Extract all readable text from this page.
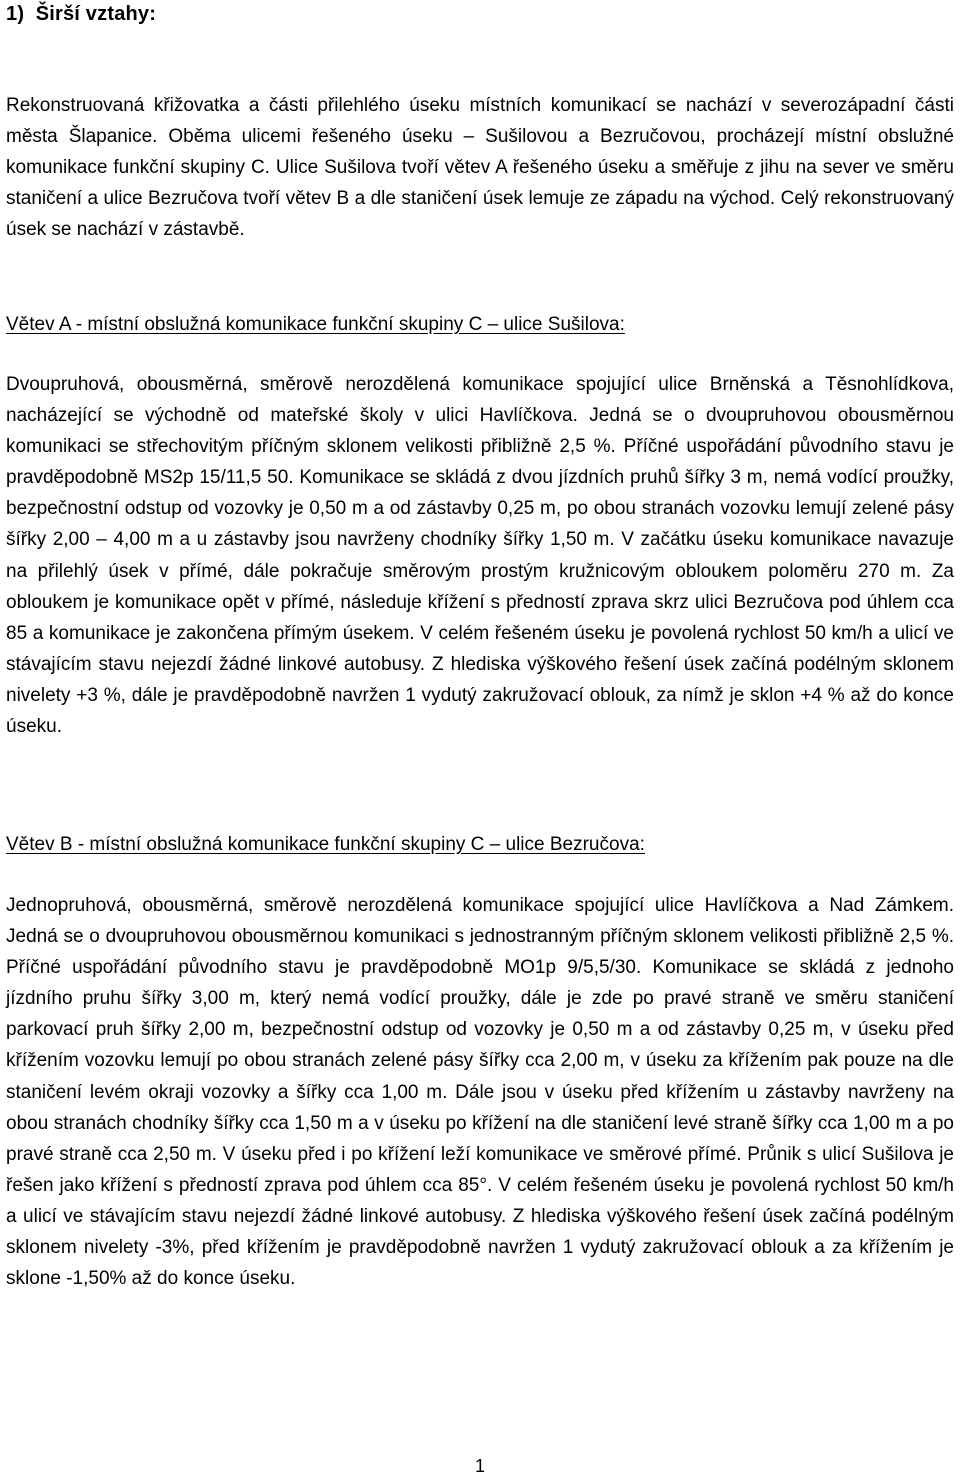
1)  Širší vztahy:

Rekonstruovaná křižovatka a části přilehlého úseku místních komunikací se nachází v severozápadní části města Šlapanice. Oběma ulicemi řešeného úseku – Sušilovou a Bezručovou, procházejí místní obslužné komunikace funkční skupiny C. Ulice Sušilova tvoří větev A řešeného úseku a směřuje z jihu na sever ve směru staničení a ulice Bezručova tvoří větev B a dle staničení úsek lemuje ze západu na východ. Celý rekonstruovaný úsek se nachází v zástavbě.

Větev A - místní obslužná komunikace funkční skupiny C – ulice Sušilova:

Dvoupruhová, obousměrná, směrově nerozdělená komunikace spojující ulice Brněnská a Těsnohlídkova, nacházející se východně od mateřské školy v ulici Havlíčkova. Jedná se o dvoupruhovou obousměrnou komunikaci se střechovitým příčným sklonem velikosti přibližně 2,5 %. Příčné uspořádání původního stavu je pravděpodobně MS2p 15/11,5 50. Komunikace se skládá z dvou jízdních pruhů šířky 3 m, nemá vodící proužky, bezpečnostní odstup od vozovky je 0,50 m a od zástavby 0,25 m, po obou stranách vozovku lemují zelené pásy šířky 2,00 – 4,00 m a u zástavby jsou navrženy chodníky šířky 1,50 m. V začátku úseku komunikace navazuje na přilehlý úsek v přímé, dále pokračuje směrovým prostým kružnicovým obloukem poloměru 270 m. Za obloukem je komunikace opět v přímé, následuje křížení s předností zprava skrz ulici Bezručova pod úhlem cca 85 a komunikace je zakončena přímým úsekem. V celém řešeném úseku je povolená rychlost 50 km/h a ulicí ve stávajícím stavu nejezdí žádné linkové autobusy. Z hlediska výškového řešení úsek začíná podélným sklonem nivelety +3 %, dále je pravděpodobně navržen 1 vydutý zakružovací oblouk, za nímž je sklon +4 % až do konce úseku.

Větev B - místní obslužná komunikace funkční skupiny C – ulice Bezručova:

Jednopruhová, obousměrná, směrově nerozdělená komunikace spojující ulice Havlíčkova a Nad Zámkem. Jedná se o dvoupruhovou obousměrnou komunikaci s jednostranným příčným sklonem velikosti přibližně 2,5 %. Příčné uspořádání původního stavu je pravděpodobně MO1p 9/5,5/30. Komunikace se skládá z jednoho jízdního pruhu šířky 3,00 m, který nemá vodící proužky, dále je zde po pravé straně ve směru staničení parkovací pruh šířky 2,00 m, bezpečnostní odstup od vozovky je 0,50 m a od zástavby 0,25 m, v úseku před křížením vozovku lemují po obou stranách zelené pásy šířky cca 2,00 m, v úseku za křížením pak pouze na dle staničení levém okraji vozovky a šířky cca 1,00 m. Dále jsou v úseku před křížením u zástavby navrženy na obou stranách chodníky šířky cca 1,50 m a v úseku po křížení na dle staničení levé straně šířky cca 1,00 m a po pravé straně cca 2,50 m. V úseku před i po křížení leží komunikace ve směrové přímé. Průnik s ulicí Sušilova je řešen jako křížení s předností zprava pod úhlem cca 85°. V celém řešeném úseku je povolená rychlost 50 km/h a ulicí ve stávajícím stavu nejezdí žádné linkové autobusy. Z hlediska výškového řešení úsek začíná podélným sklonem nivelety -3%, před křížením je pravděpodobně navržen 1 vydutý zakružovací oblouk a za křížením je sklone -1,50% až do konce úseku.

1
